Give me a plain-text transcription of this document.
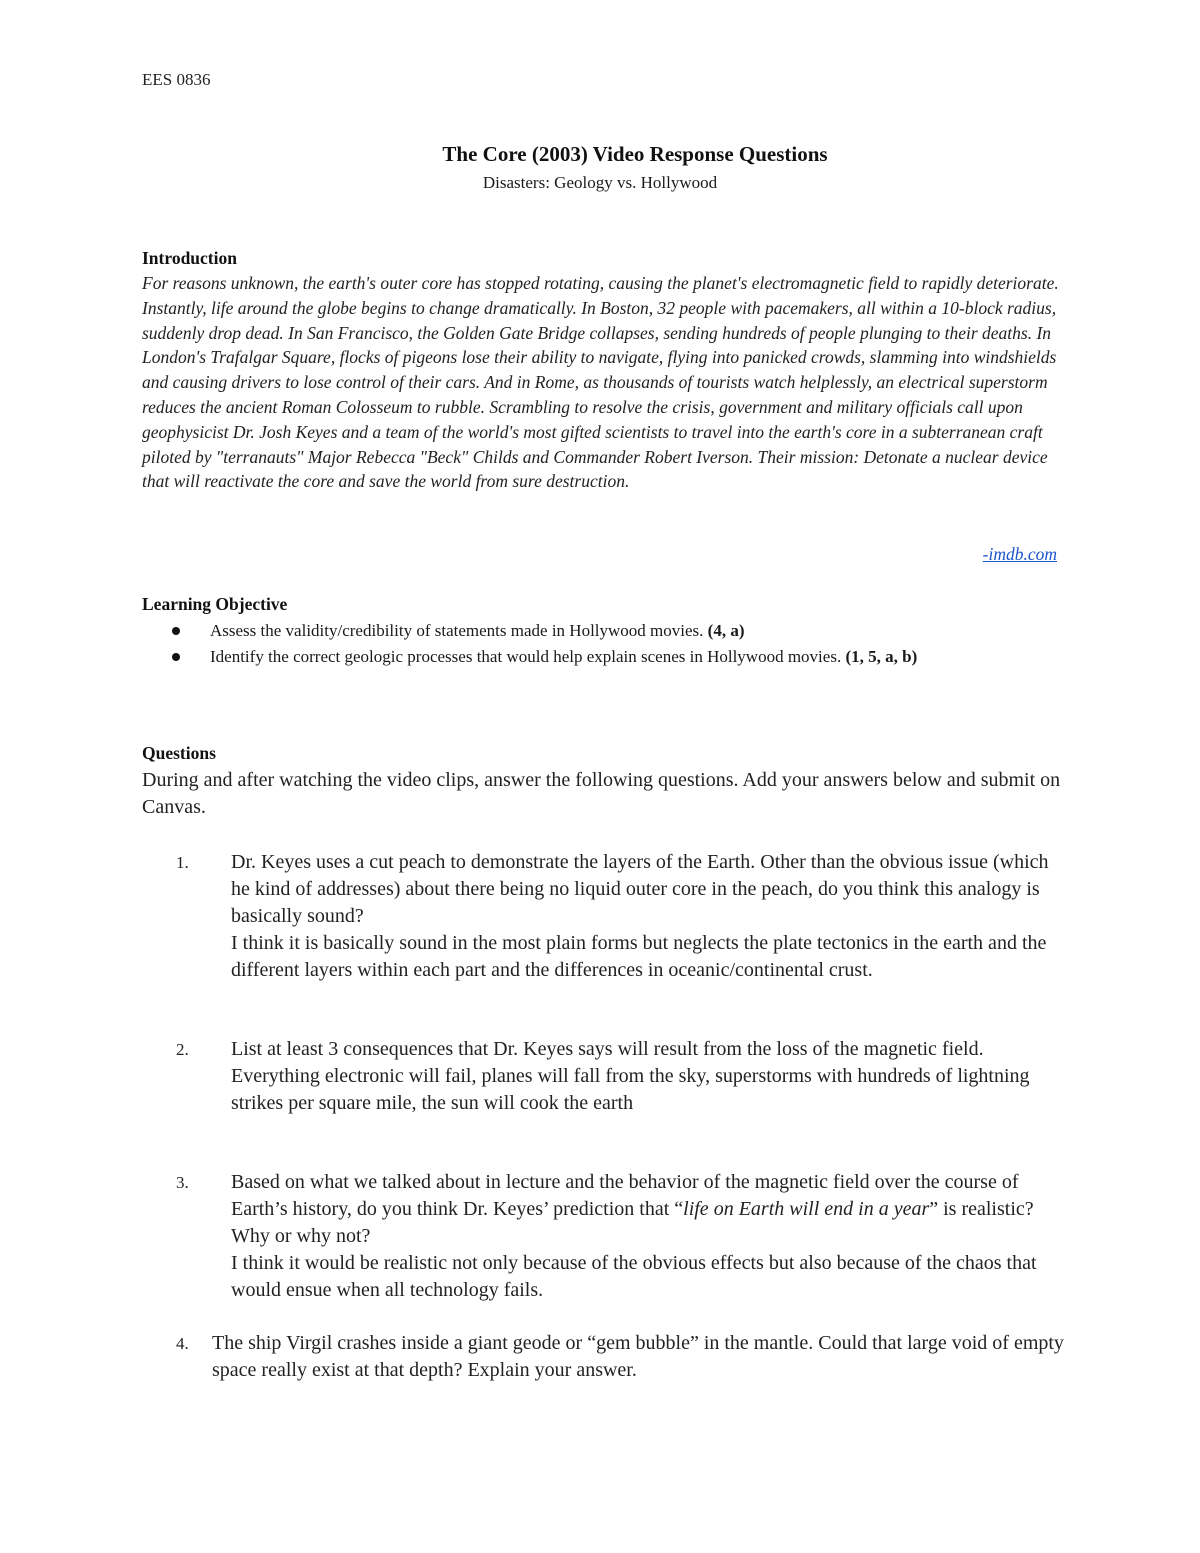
EES 0836
The Core (2003) Video Response Questions
Disasters: Geology vs. Hollywood
Introduction
For reasons unknown, the earth's outer core has stopped rotating, causing the planet's electromagnetic field to rapidly deteriorate. Instantly, life around the globe begins to change dramatically. In Boston, 32 people with pacemakers, all within a 10-block radius, suddenly drop dead. In San Francisco, the Golden Gate Bridge collapses, sending hundreds of people plunging to their deaths. In London's Trafalgar Square, flocks of pigeons lose their ability to navigate, flying into panicked crowds, slamming into windshields and causing drivers to lose control of their cars. And in Rome, as thousands of tourists watch helplessly, an electrical superstorm reduces the ancient Roman Colosseum to rubble. Scrambling to resolve the crisis, government and military officials call upon geophysicist Dr. Josh Keyes and a team of the world's most gifted scientists to travel into the earth's core in a subterranean craft piloted by "terranauts" Major Rebecca "Beck" Childs and Commander Robert Iverson. Their mission: Detonate a nuclear device that will reactivate the core and save the world from sure destruction.
-imdb.com
Learning Objective
Assess the validity/credibility of statements made in Hollywood movies. (4, a)
Identify the correct geologic processes that would help explain scenes in Hollywood movies. (1, 5, a, b)
Questions
During and after watching the video clips, answer the following questions. Add your answers below and submit on Canvas.
1. Dr. Keyes uses a cut peach to demonstrate the layers of the Earth. Other than the obvious issue (which he kind of addresses) about there being no liquid outer core in the peach, do you think this analogy is basically sound?
I think it is basically sound in the most plain forms but neglects the plate tectonics in the earth and the different layers within each part and the differences in oceanic/continental crust.
2. List at least 3 consequences that Dr. Keyes says will result from the loss of the magnetic field.
Everything electronic will fail, planes will fall from the sky, superstorms with hundreds of lightning strikes per square mile, the sun will cook the earth
3. Based on what we talked about in lecture and the behavior of the magnetic field over the course of Earth’s history, do you think Dr. Keyes’ prediction that “life on Earth will end in a year” is realistic? Why or why not?
I think it would be realistic not only because of the obvious effects but also because of the chaos that would ensue when all technology fails.
4. The ship Virgil crashes inside a giant geode or “gem bubble” in the mantle. Could that large void of empty space really exist at that depth? Explain your answer.
